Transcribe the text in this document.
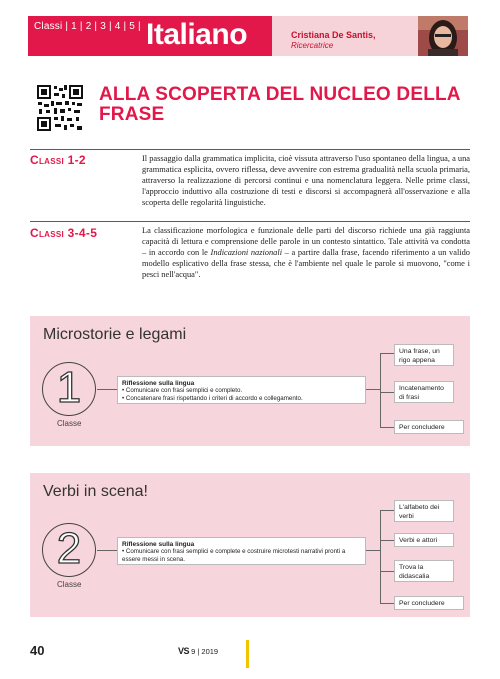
Classi | 1 | 2 | 3 | 4 | 5 | Italiano	Cristiana De Santis,
Ricercatrice
ALLA SCOPERTA DEL NUCLEO DELLA FRASE
Classi 1-2	Il passaggio dalla grammatica implicita, cioè vissuta attraverso l'uso spontaneo della lingua, a una grammatica esplicita, ovvero riflessa, deve avvenire con estrema gradualità nella scuola primaria, attraverso la realizzazione di percorsi continui e una nomenclatura leggera. Nelle prime classi, l'approccio induttivo alla costruzione di testi e discorsi si accompagnerà all'osservazione e alla scoperta delle regolarità linguistiche.
Classi 3-4-5	La classificazione morfologica e funzionale delle parti del discorso richiede una già raggiunta capacità di lettura e comprensione delle parole in un contesto sintattico. Tale attività va condotta – in accordo con le Indicazioni nazionali – a partire dalla frase, facendo riferimento a un valido modello esplicativo della frase stessa, che è l'ambiente nel quale le parole si muovono, "come i pesci nell'acqua".
Microstorie e legami
1
Classe
Riflessione sulla lingua
• Comunicare con frasi semplici e completo.
• Concatenare frasi rispettando i criteri di accordo e collegamento.
Una frase, un rigo appena
Incatenamento di frasi
Per concludere
Verbi in scena!
2
Classe
Riflessione sulla lingua
• Comunicare con frasi semplici e complete e costruire microtesti narrativi pronti a essere messi in scena.
L'alfabeto dei verbi
Verbi e attori
Trova la didascalia
Per concludere
40	VS 9 | 2019
